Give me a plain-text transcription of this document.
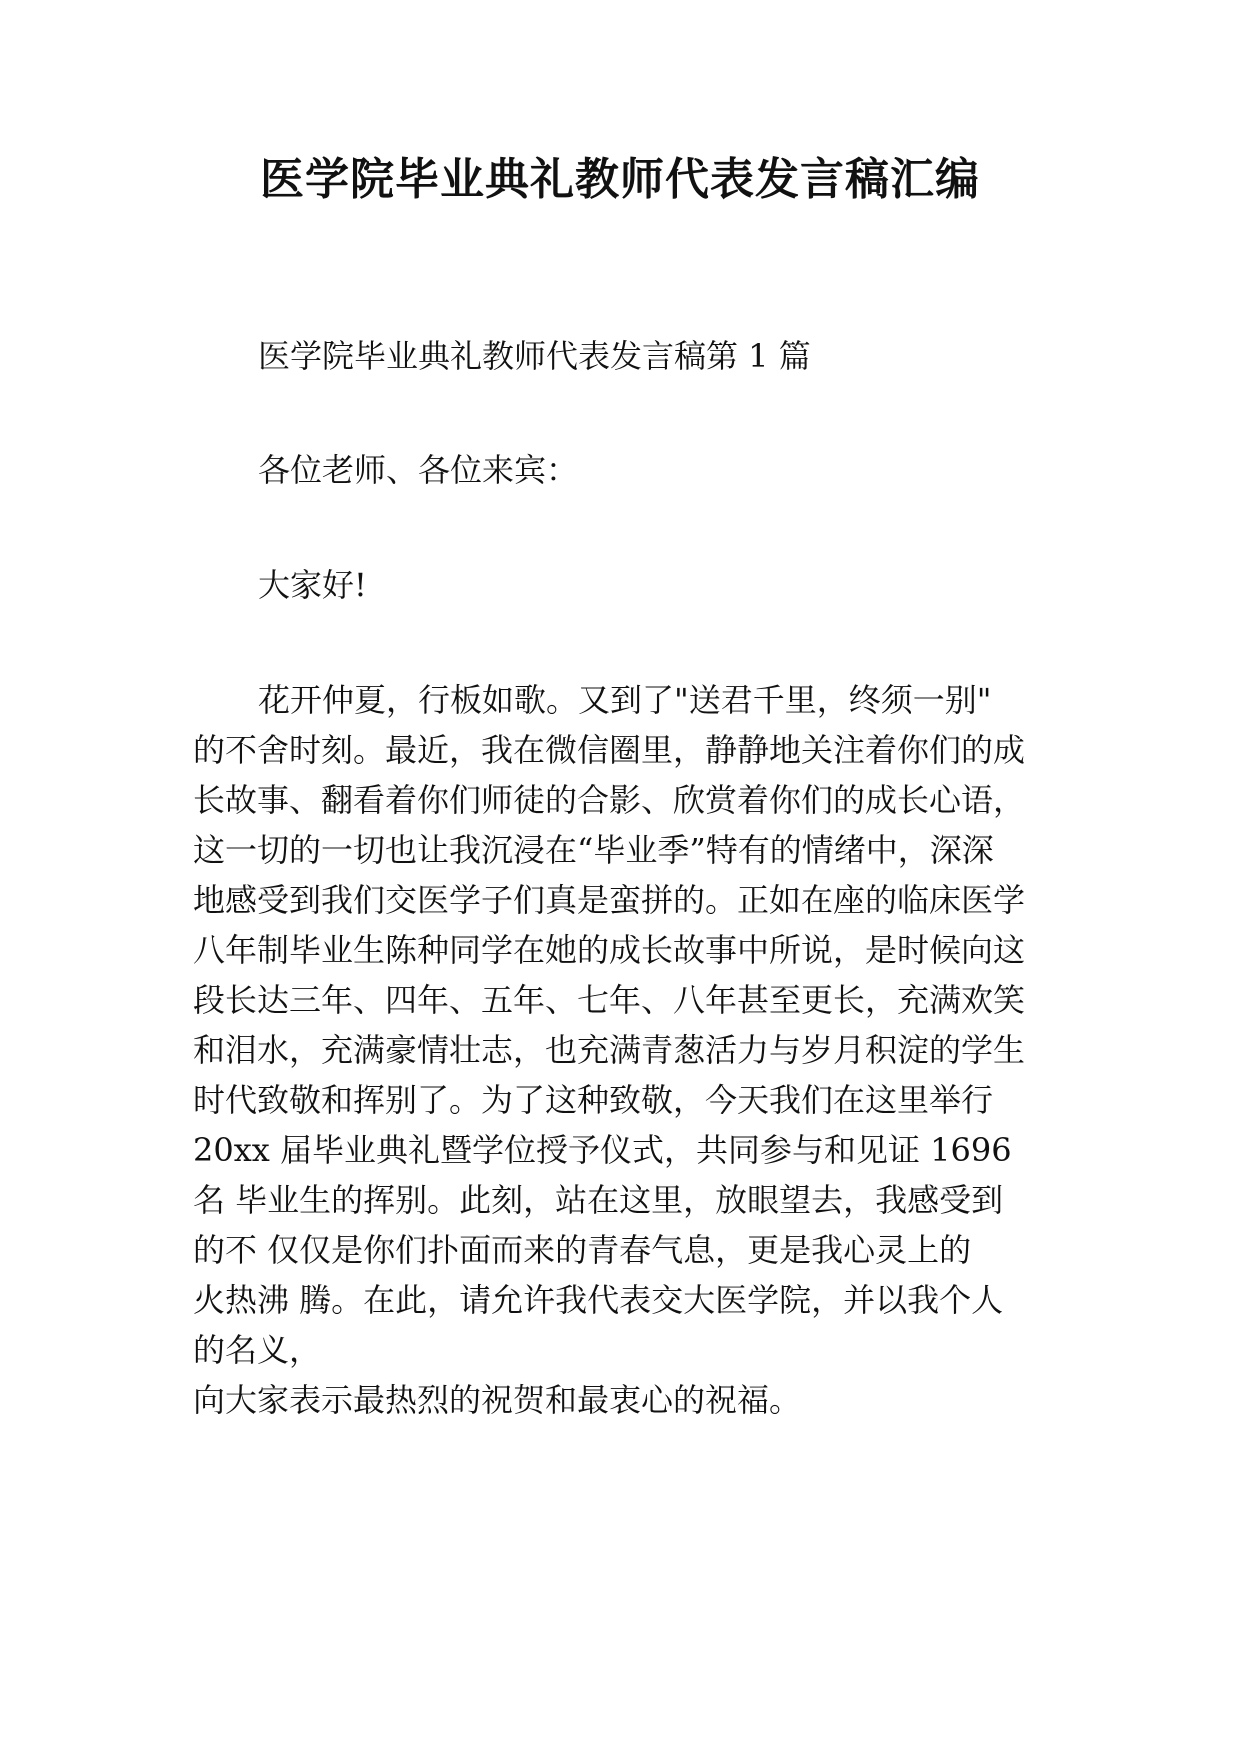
医学院毕业典礼教师代表发言稿汇编
医学院毕业典礼教师代表发言稿第 1 篇
各位老师、各位来宾：
大家好!
花开仲夏，行板如歌。又到了"送君千里，终须一别"
的不舍时刻。最近，我在微信圈里，静静地关注着你们的成
长故事、翻看着你们师徒的合影、欣赏着你们的成长心语，
这一切的一切也让我沉浸在“毕业季”特有的情绪中，深深
地感受到我们交医学子们真是蛮拼的。正如在座的临床医学
八年制毕业生陈种同学在她的成长故事中所说，是时候向这
段长达三年、四年、五年、七年、八年甚至更长，充满欢笑
和泪水，充满豪情壮志，也充满青葱活力与岁月积淀的学生
时代致敬和挥别了。为了这种致敬，今天我们在这里举行
20xx 届毕业典礼暨学位授予仪式，共同参与和见证 1696
名 毕业生的挥别。此刻，站在这里，放眼望去，我感受到
的不 仅仅是你们扑面而来的青春气息，更是我心灵上的
火热沸 腾。在此，请允许我代表交大医学院，并以我个人
的名义，
向大家表示最热烈的祝贺和最衷心的祝福。
